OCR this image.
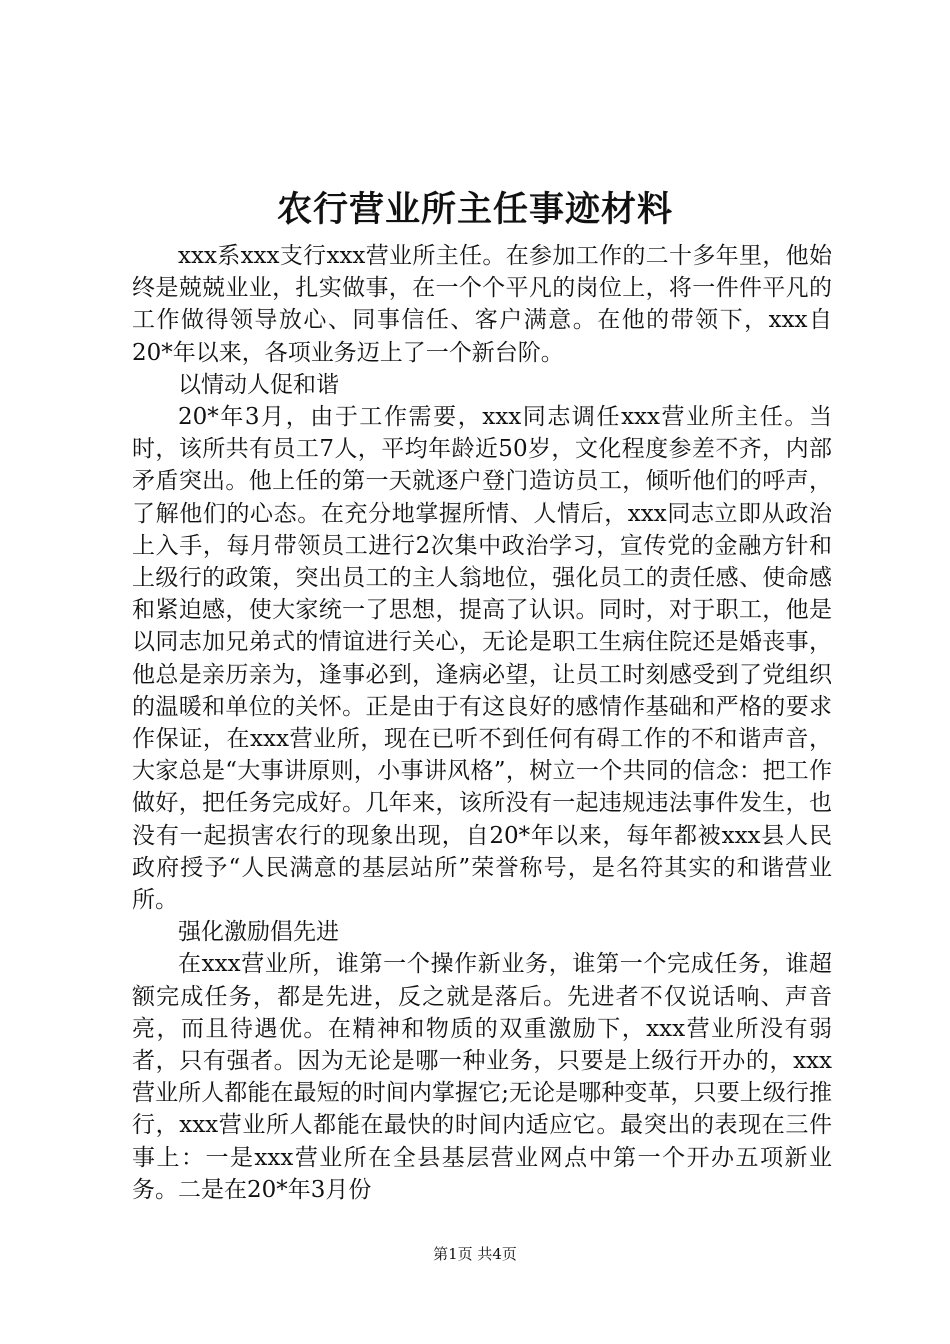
农行营业所主任事迹材料

xxx系xxx支行xxx营业所主任。在参加工作的二十多年里，他始终是兢兢业业，扎实做事，在一个个平凡的岗位上，将一件件平凡的工作做得领导放心、同事信任、客户满意。在他的带领下，xxx自20*年以来，各项业务迈上了一个新台阶。

以情动人促和谐

20*年3月，由于工作需要，xxx同志调任xxx营业所主任。当时，该所共有员工7人，平均年龄近50岁，文化程度参差不齐，内部矛盾突出。他上任的第一天就逐户登门造访员工，倾听他们的呼声，了解他们的心态。在充分地掌握所情、人情后，xxx同志立即从政治上入手，每月带领员工进行2次集中政治学习，宣传党的金融方针和上级行的政策，突出员工的主人翁地位，强化员工的责任感、使命感和紧迫感，使大家统一了思想，提高了认识。同时，对于职工，他是以同志加兄弟式的情谊进行关心，无论是职工生病住院还是婚丧事，他总是亲历亲为，逢事必到，逢病必望，让员工时刻感受到了党组织的温暖和单位的关怀。正是由于有这良好的感情作基础和严格的要求作保证，在xxx营业所，现在已听不到任何有碍工作的不和谐声音，大家总是“大事讲原则，小事讲风格”，树立一个共同的信念：把工作做好，把任务完成好。几年来，该所没有一起违规违法事件发生，也没有一起损害农行的现象出现，自20*年以来，每年都被xxx县人民政府授予“人民满意的基层站所”荣誉称号，是名符其实的和谐营业所。

强化激励倡先进

在xxx营业所，谁第一个操作新业务，谁第一个完成任务，谁超额完成任务，都是先进，反之就是落后。先进者不仅说话响、声音亮，而且待遇优。在精神和物质的双重激励下，xxx营业所没有弱者，只有强者。因为无论是哪一种业务，只要是上级行开办的，xxx营业所人都能在最短的时间内掌握它;无论是哪种变革，只要上级行推行，xxx营业所人都能在最快的时间内适应它。最突出的表现在三件事上：一是xxx营业所在全县基层营业网点中第一个开办五项新业务。二是在20*年3月份

第1页 共4页
